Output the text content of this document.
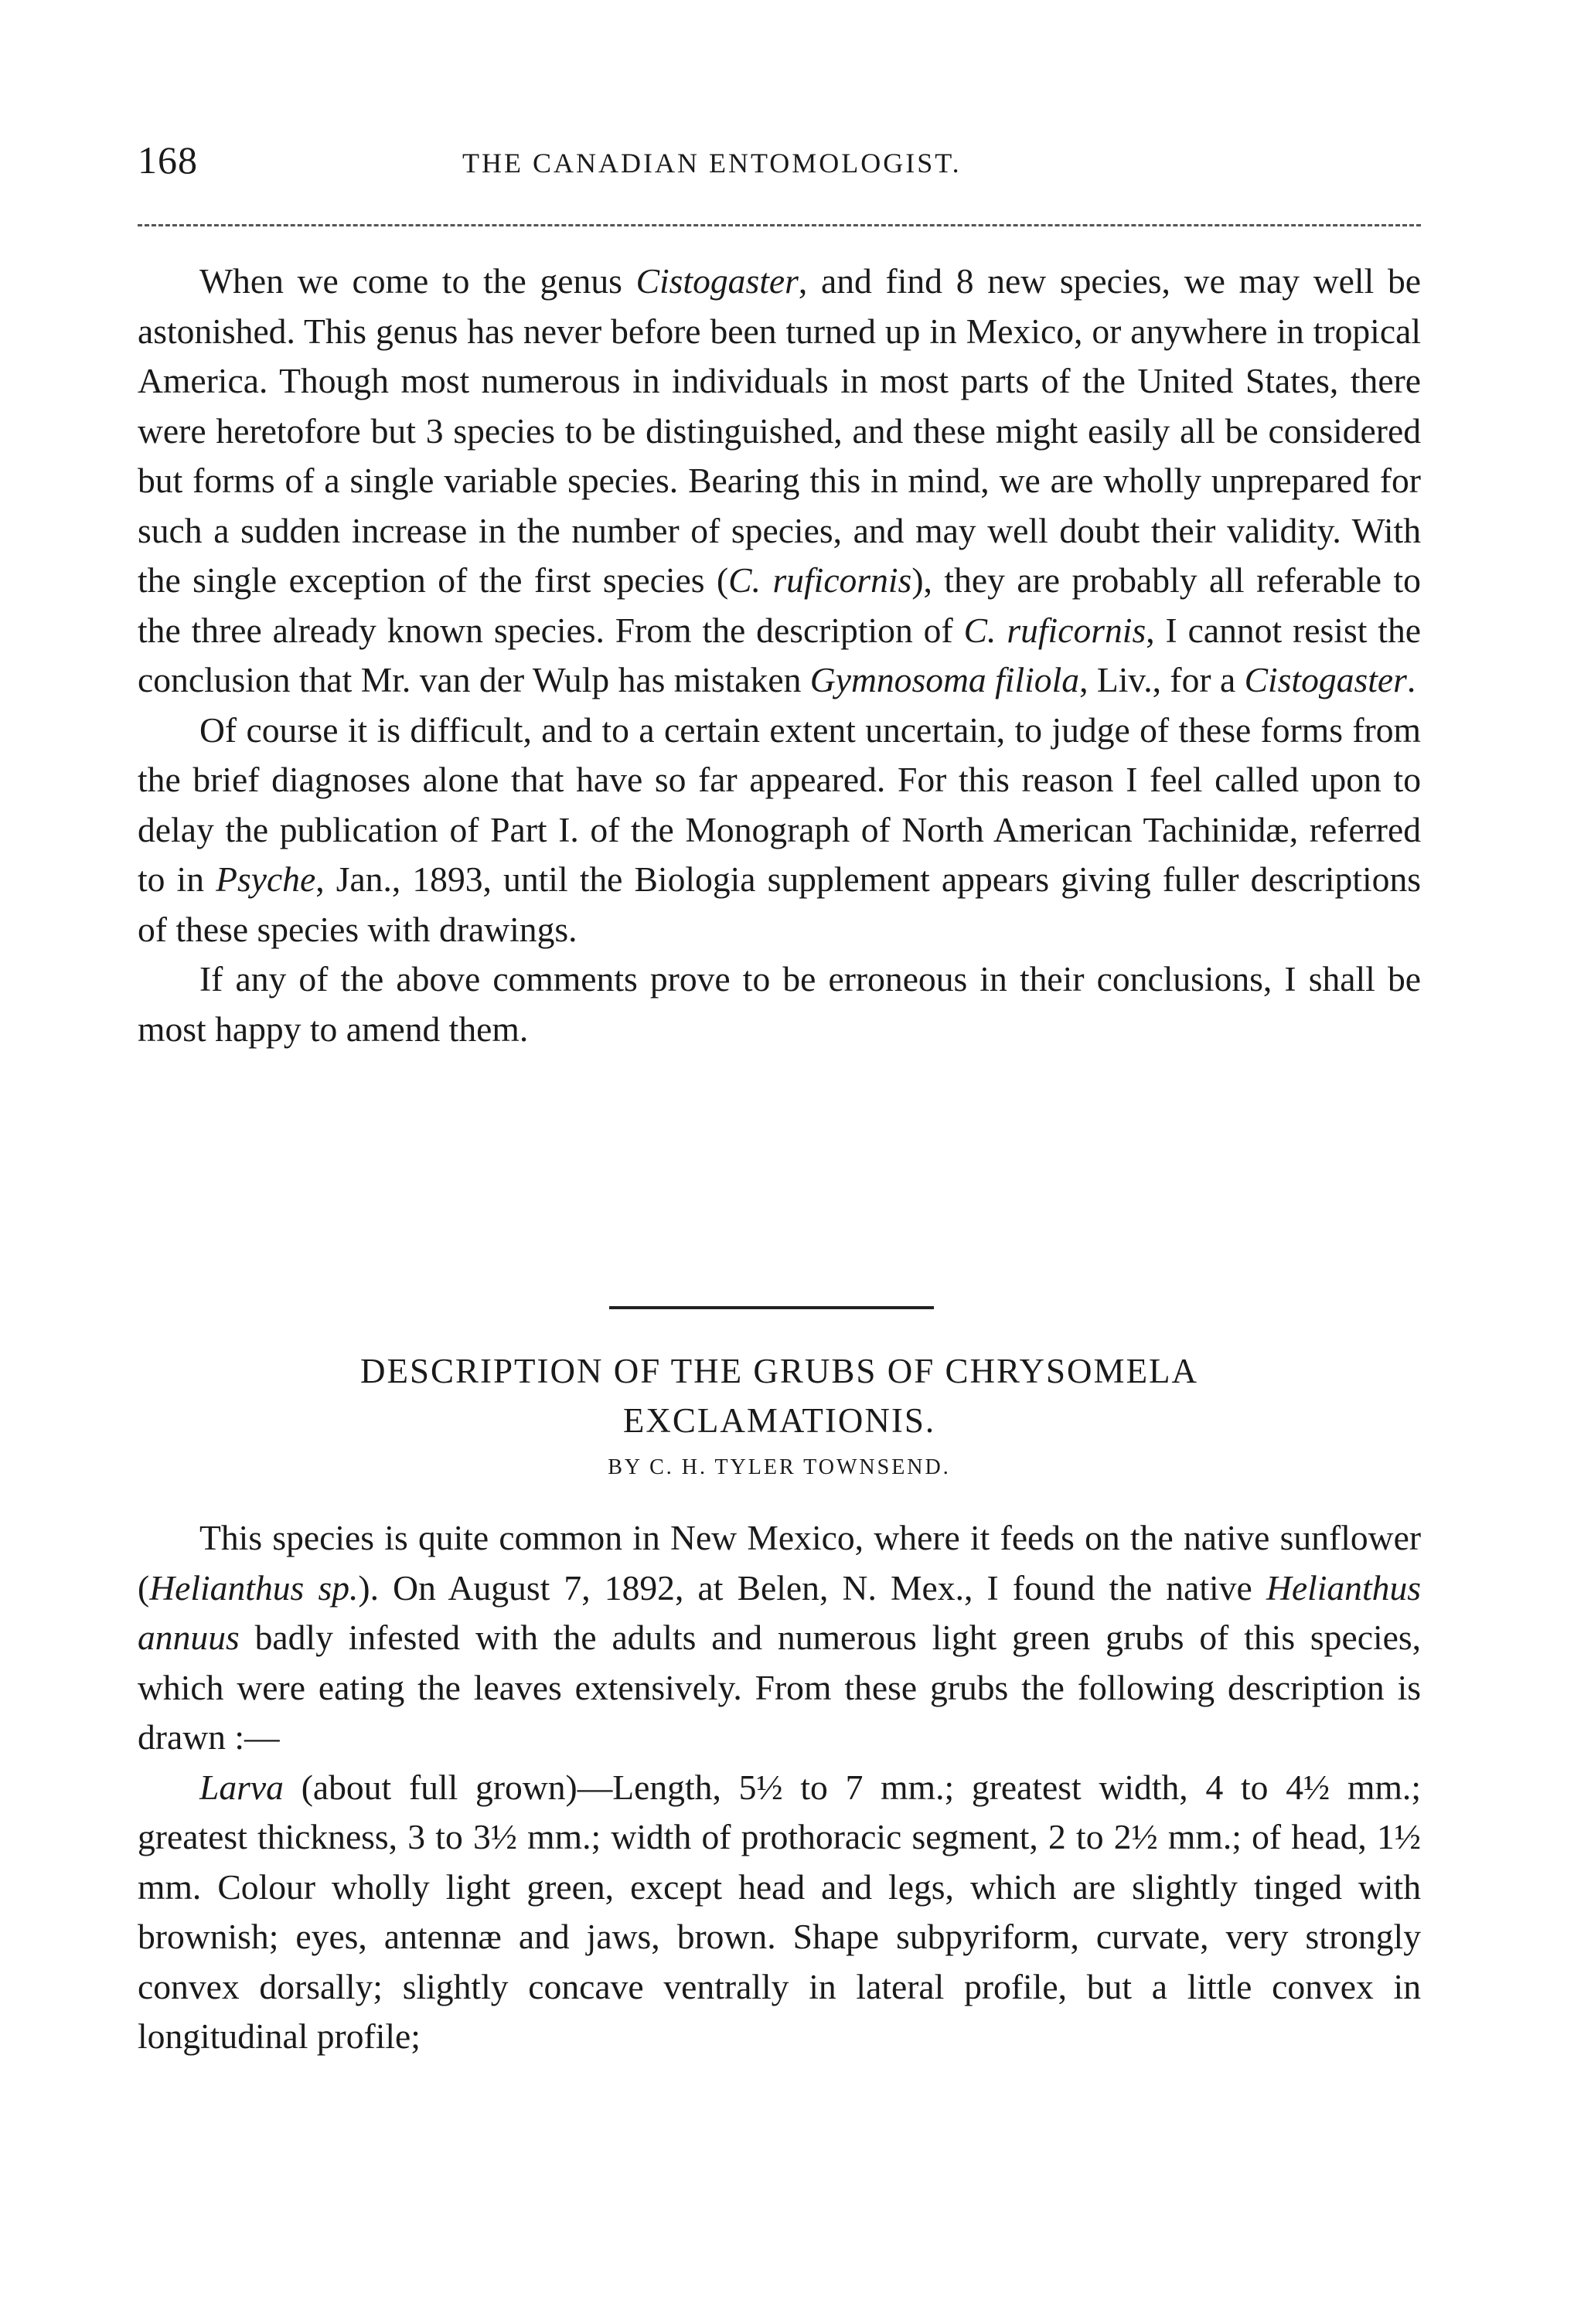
168	THE CANADIAN ENTOMOLOGIST.

When we come to the genus Cistogaster, and find 8 new species, we may well be astonished. This genus has never before been turned up in Mexico, or anywhere in tropical America. Though most numerous in individuals in most parts of the United States, there were heretofore but 3 species to be distinguished, and these might easily all be considered but forms of a single variable species. Bearing this in mind, we are wholly unprepared for such a sudden increase in the number of species, and may well doubt their validity. With the single exception of the first species (C. ruficornis), they are probably all referable to the three already known species. From the description of C. ruficornis, I cannot resist the conclusion that Mr. van der Wulp has mistaken Gymnosoma filiola, Liv., for a Cistogaster.

Of course it is difficult, and to a certain extent uncertain, to judge of these forms from the brief diagnoses alone that have so far appeared. For this reason I feel called upon to delay the publication of Part I. of the Monograph of North American Tachinidæ, referred to in Psyche, Jan., 1893, until the Biologia supplement appears giving fuller descriptions of these species with drawings.

If any of the above comments prove to be erroneous in their conclusions, I shall be most happy to amend them.

DESCRIPTION OF THE GRUBS OF CHRYSOMELA
EXCLAMATIONIS.
BY C. H. TYLER TOWNSEND.

This species is quite common in New Mexico, where it feeds on the native sunflower (Helianthus sp.). On August 7, 1892, at Belen, N. Mex., I found the native Helianthus annuus badly infested with the adults and numerous light green grubs of this species, which were eating the leaves extensively. From these grubs the following description is drawn :—

Larva (about full grown)—Length, 5½ to 7 mm.; greatest width, 4 to 4½ mm.; greatest thickness, 3 to 3½ mm.; width of prothoracic segment, 2 to 2½ mm.; of head, 1½ mm. Colour wholly light green, except head and legs, which are slightly tinged with brownish; eyes, antennæ and jaws, brown. Shape subpyriform, curvate, very strongly convex dorsally; slightly concave ventrally in lateral profile, but a little convex in longitudinal profile;
